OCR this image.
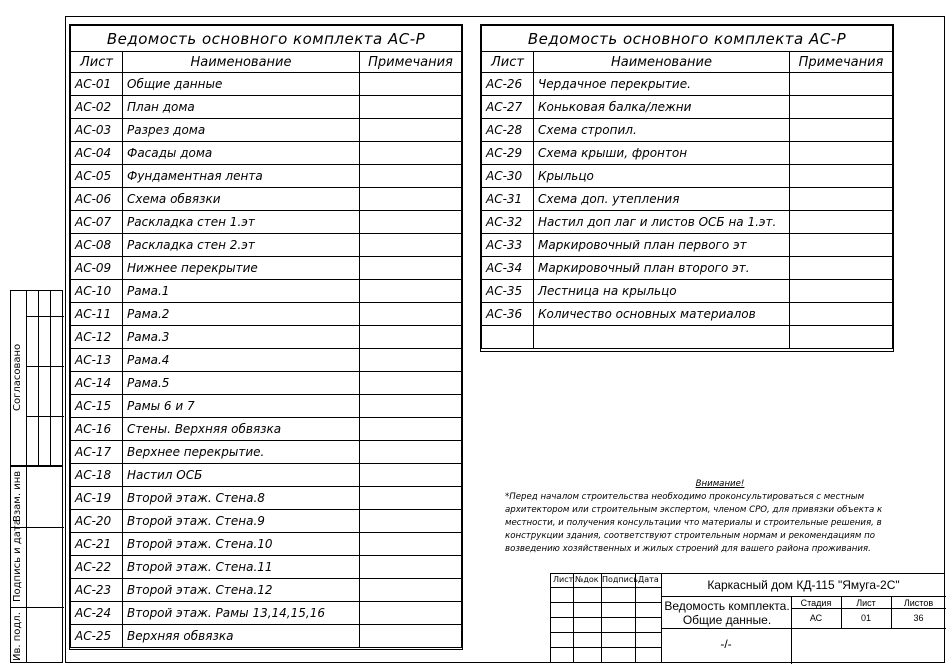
Ведомость основного комплекта АС-Р		
Лист	Наименование	Примечания
АС-01	Общие данные	
АС-02	План дома	
АС-03	Разрез дома	
АС-04	Фасады дома	
АС-05	Фундаментная лента	
АС-06	Схема обвязки	
АС-07	Раскладка стен 1.эт	
АС-08	Раскладка стен 2.эт	
АС-09	Нижнее перекрытие	
АС-10	Рама.1	
АС-11	Рама.2	
АС-12	Рама.3	
АС-13	Рама.4	
АС-14	Рама.5	
АС-15	Рамы 6 и 7	
АС-16	Стены. Верхняя обвязка	
АС-17	Верхнее перекрытие.	
АС-18	Настил ОСБ	
АС-19	Второй этаж. Стена.8	
АС-20	Второй этаж. Стена.9	
АС-21	Второй этаж. Стена.10	
АС-22	Второй этаж. Стена.11	
АС-23	Второй этаж. Стена.12	
АС-24	Второй этаж. Рамы 13,14,15,16	
АС-25	Верхняя обвязка	
Ведомость основного комплекта АС-Р		
Лист	Наименование	Примечания
АС-26	Чердачное перекрытие.	
АС-27	Коньковая балка/лежни	
АС-28	Схема стропил.	
АС-29	Схема крыши, фронтон	
АС-30	Крыльцо	
АС-31	Схема доп. утепления	
АС-32	Настил доп лаг и листов ОСБ на 1.эт.	
АС-33	Маркировочный план первого эт	
АС-34	Маркировочный план второго эт.	
АС-35	Лестница на крыльцо	
АС-36	Количество основных материалов	

Согласовано
Взам. инв
Подпись и дата
Ив. подл.
Внимание!
*Перед началом строительства необходимо проконсультироваться с местным
архитектором или строительным экспертом, членом СРО, для привязки объекта к
местности, и получения консультации что материалы и строительные решения, в
конструкции здания, соответствуют строительным нормам и рекомендациям по
возведению хозяйственных и жилых строений для вашего района проживания.
Лист №док Подпись Дата	Каркасный дом КД-115 "Ямуга-2С"
Ведомость комплекта.
Общие данные.
-/-
Стадия	Лист	Листов
АС	01	36
